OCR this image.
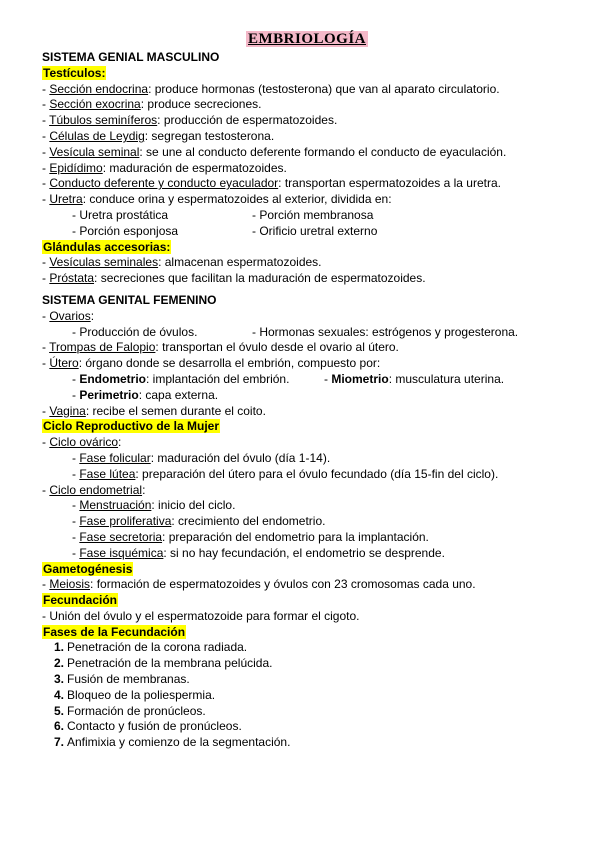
EMBRIOLOGÍA
SISTEMA GENIAL MASCULINO
Testículos:
- Sección endocrina: produce hormonas (testosterona) que van al aparato circulatorio.
- Sección exocrina: produce secreciones.
- Túbulos seminíferos: producción de espermatozoides.
- Células de Leydig: segregan testosterona.
- Vesícula seminal: se une al conducto deferente formando el conducto de eyaculación.
- Epidídimo: maduración de espermatozoides.
- Conducto deferente y conducto eyaculador: transportan espermatozoides a la uretra.
- Uretra: conduce orina y espermatozoides al exterior, dividida en:
- Uretra prostática	- Porción membranosa
- Porción esponjosa	- Orificio uretral externo
Glándulas accesorias:
- Vesículas seminales: almacenan espermatozoides.
- Próstata: secreciones que facilitan la maduración de espermatozoides.
SISTEMA GENITAL FEMENINO
- Ovarios:
- Producción de óvulos.	- Hormonas sexuales: estrógenos y progesterona.
- Trompas de Falopio: transportan el óvulo desde el ovario al útero.
- Útero: órgano donde se desarrolla el embrión, compuesto por:
- Endometrio: implantación del embrión.	- Miometrio: musculatura uterina.
- Perimetrio: capa externa.
- Vagina: recibe el semen durante el coito.
Ciclo Reproductivo de la Mujer
- Ciclo ovárico:
- Fase folicular: maduración del óvulo (día 1-14).
- Fase lútea: preparación del útero para el óvulo fecundado (día 15-fin del ciclo).
- Ciclo endometrial:
- Menstruación: inicio del ciclo.
- Fase proliferativa: crecimiento del endometrio.
- Fase secretoria: preparación del endometrio para la implantación.
- Fase isquémica: si no hay fecundación, el endometrio se desprende.
Gametogénesis
- Meiosis: formación de espermatozoides y óvulos con 23 cromosomas cada uno.
Fecundación
- Unión del óvulo y el espermatozoide para formar el cigoto.
Fases de la Fecundación
1. Penetración de la corona radiada.
2. Penetración de la membrana pelúcida.
3. Fusión de membranas.
4. Bloqueo de la poliespermia.
5. Formación de pronúcleos.
6. Contacto y fusión de pronúcleos.
7. Anfimixia y comienzo de la segmentación.
